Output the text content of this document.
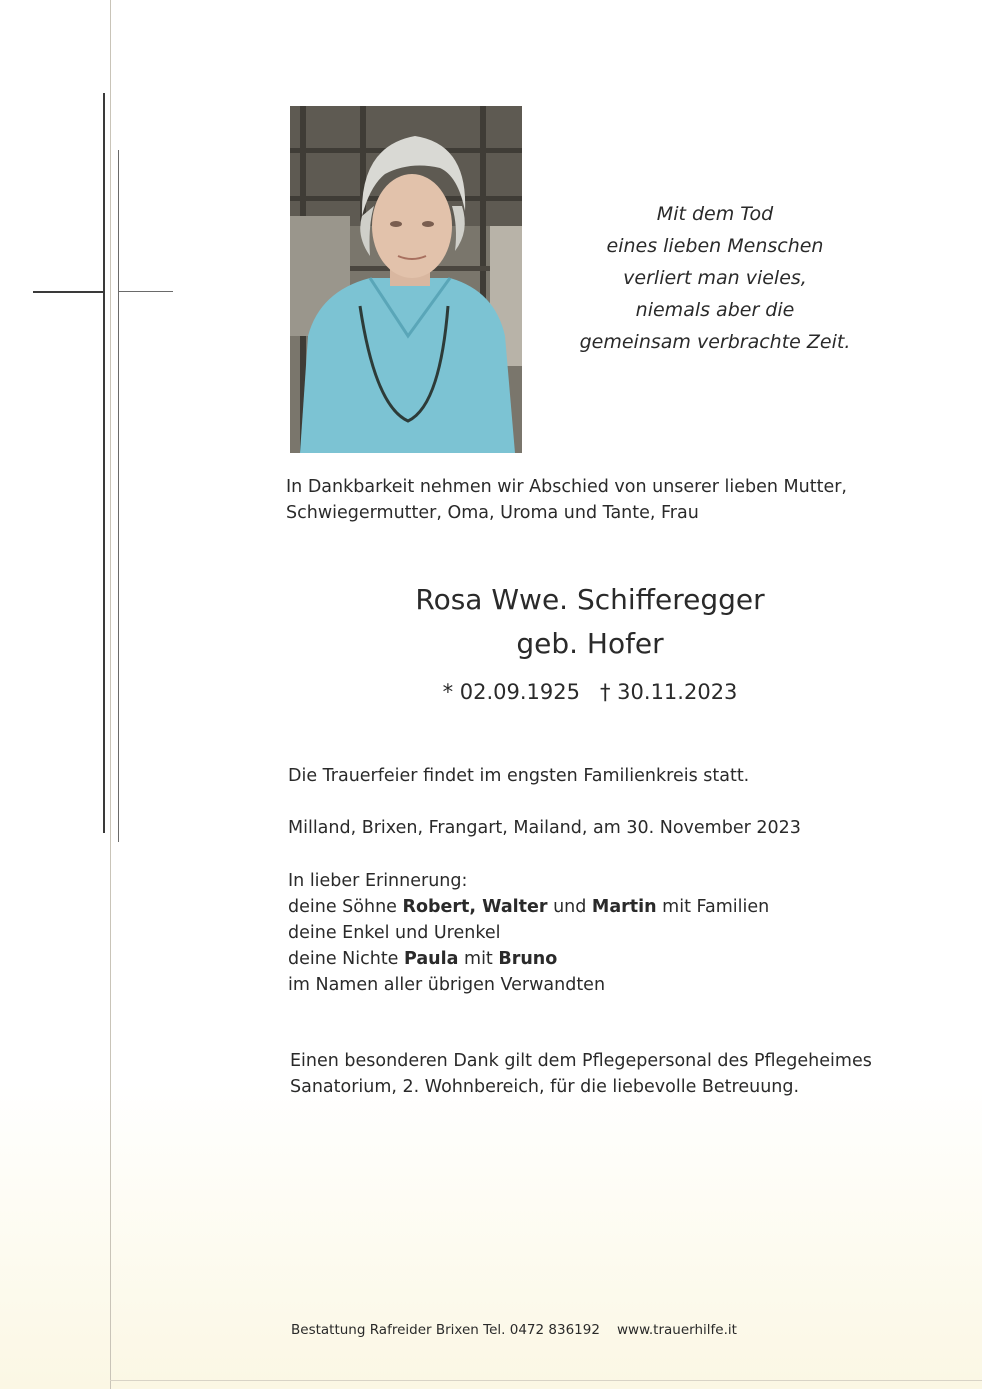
Mit dem Tod
eines lieben Menschen
verliert man vieles,
niemals aber die
gemeinsam verbrachte Zeit.
In Dankbarkeit nehmen wir Abschied von unserer lieben Mutter,
Schwiegermutter, Oma, Uroma und Tante, Frau
Rosa Wwe. Schifferegger
geb. Hofer
* 02.09.1925   † 30.11.2023
Die Trauerfeier findet im engsten Familienkreis statt.
Milland, Brixen, Frangart, Mailand, am 30. November 2023
In lieber Erinnerung:
deine Söhne Robert, Walter und Martin mit Familien
deine Enkel und Urenkel
deine Nichte Paula mit Bruno
im Namen aller übrigen Verwandten
Einen besonderen Dank gilt dem Pflegepersonal des Pflegeheimes
Sanatorium, 2. Wohnbereich, für die liebevolle Betreuung.
Bestattung Rafreider Brixen Tel. 0472 836192 www.trauerhilfe.it
